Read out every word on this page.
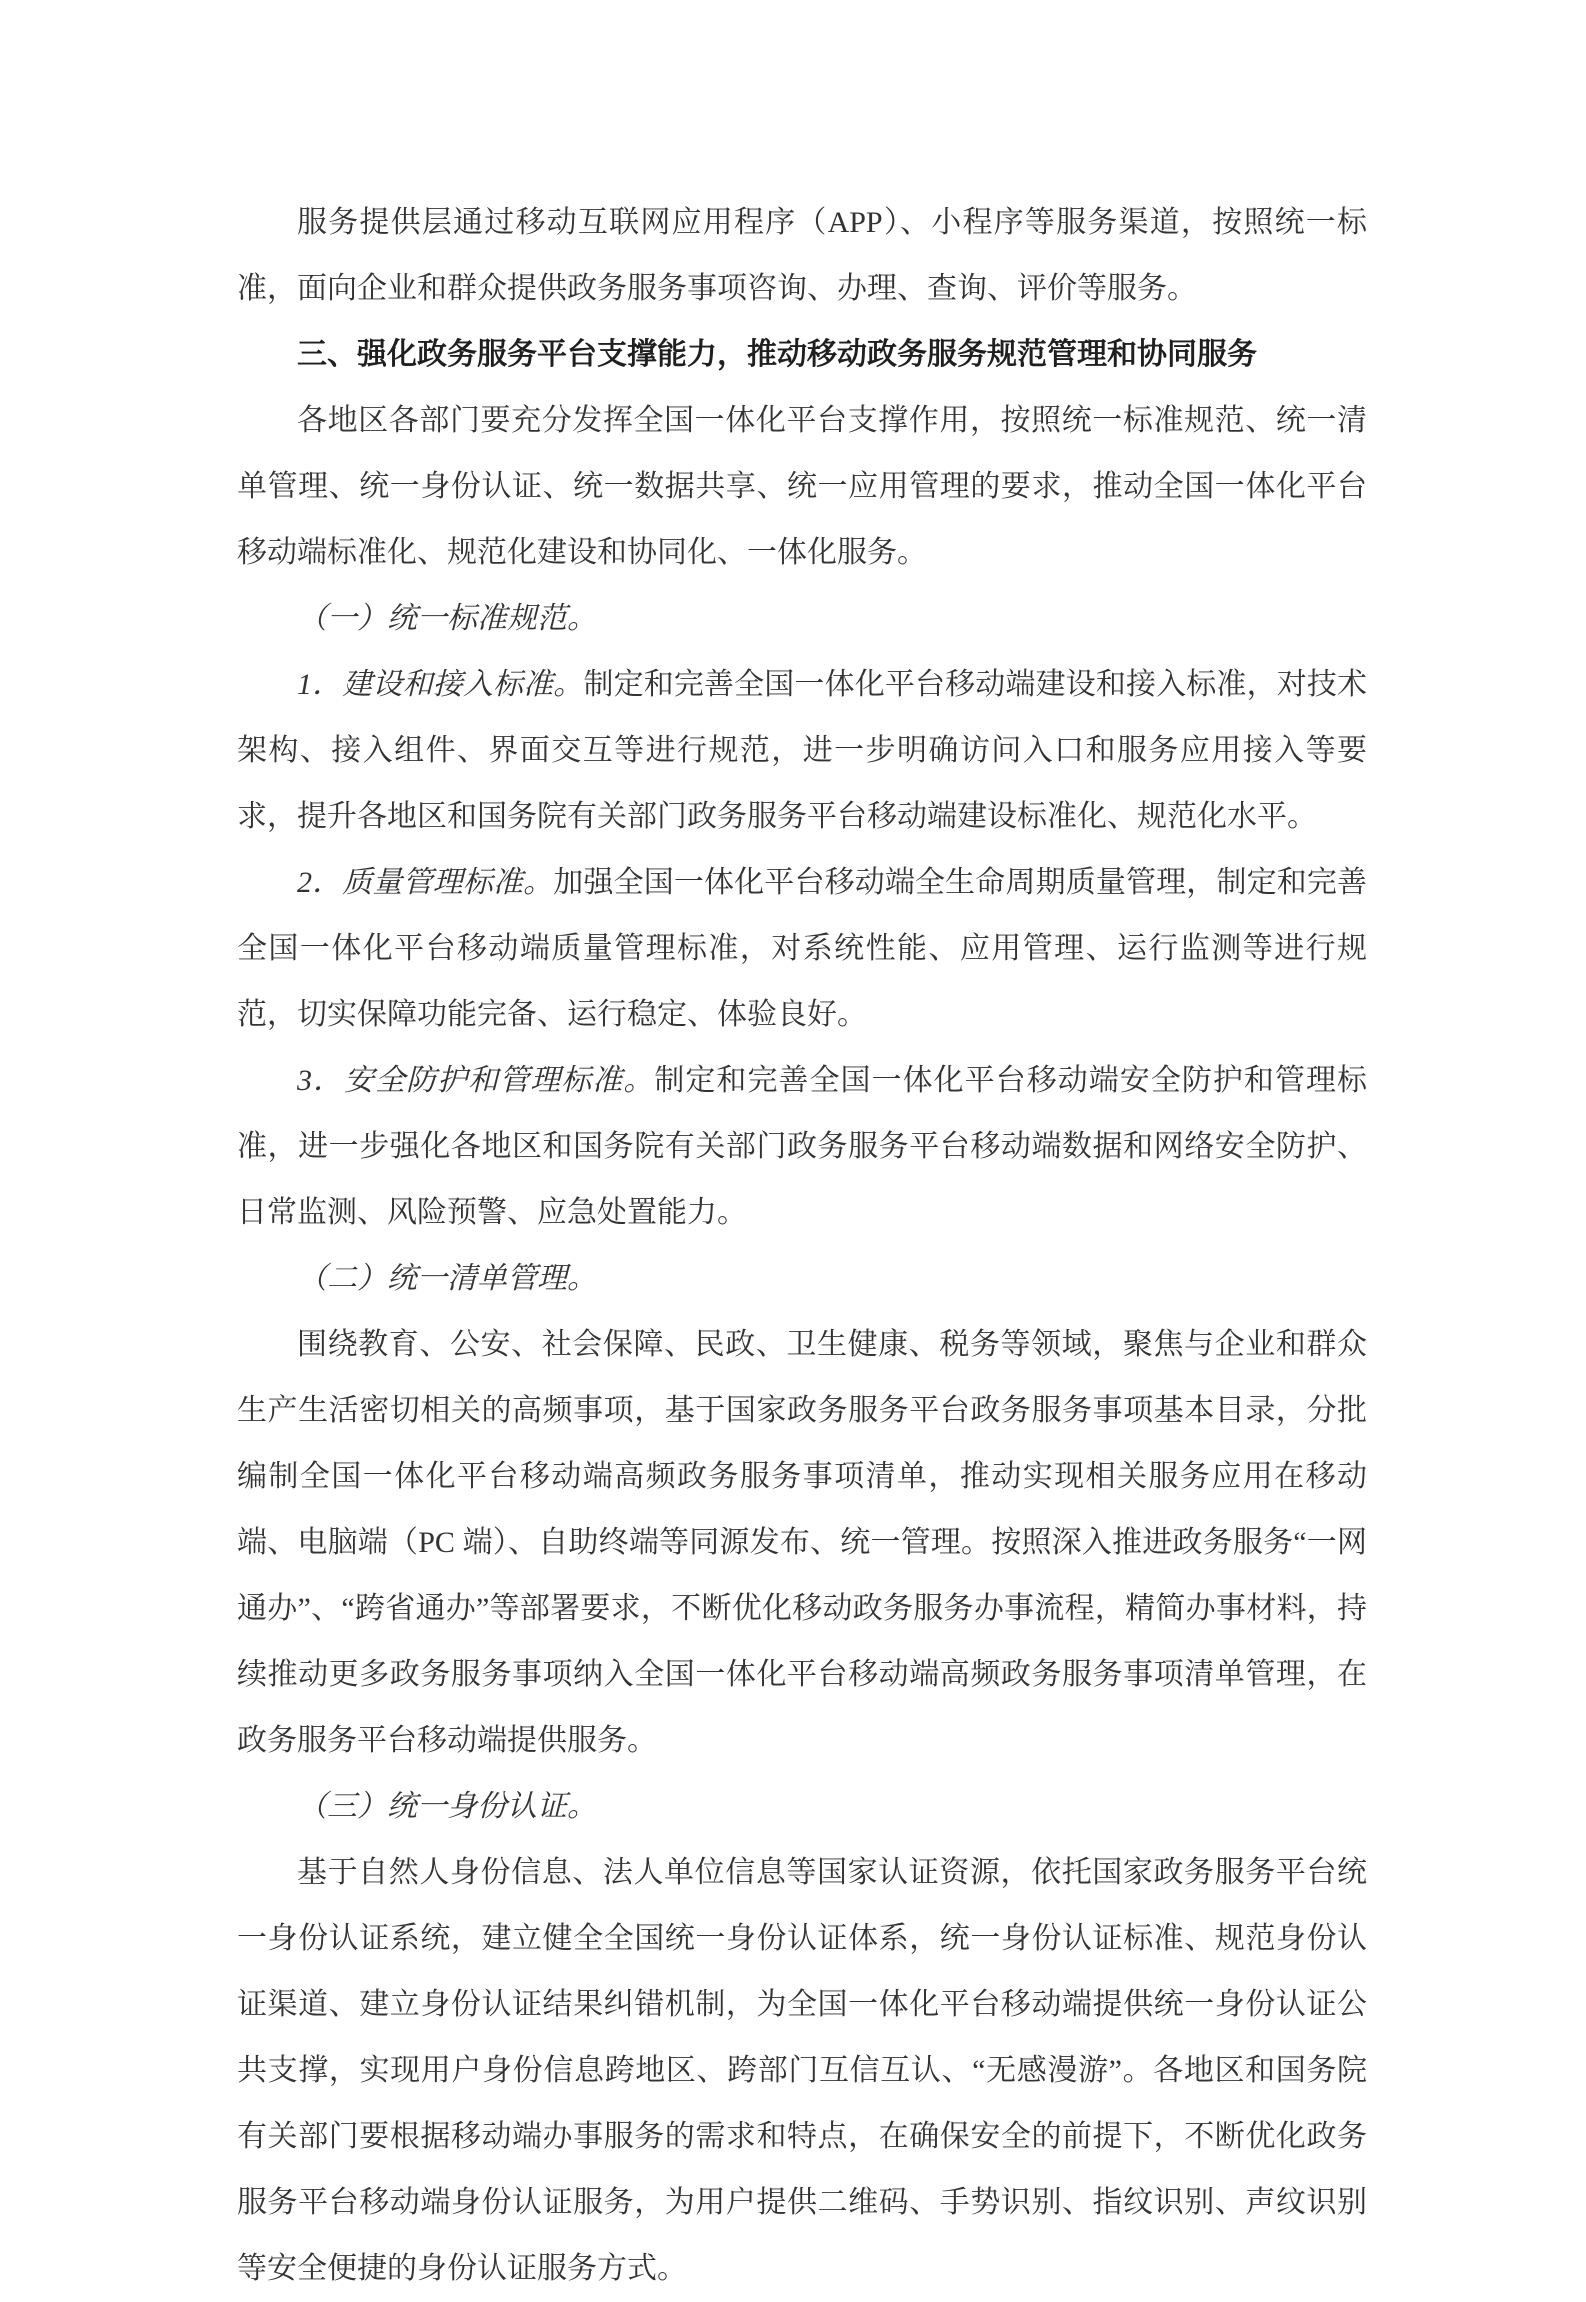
服务提供层通过移动互联网应用程序（APP）、小程序等服务渠道，按照统一标准，面向企业和群众提供政务服务事项咨询、办理、查询、评价等服务。

三、强化政务服务平台支撑能力，推动移动政务服务规范管理和协同服务

各地区各部门要充分发挥全国一体化平台支撑作用，按照统一标准规范、统一清单管理、统一身份认证、统一数据共享、统一应用管理的要求，推动全国一体化平台移动端标准化、规范化建设和协同化、一体化服务。

（一）统一标准规范。

1．建设和接入标准。制定和完善全国一体化平台移动端建设和接入标准，对技术架构、接入组件、界面交互等进行规范，进一步明确访问入口和服务应用接入等要求，提升各地区和国务院有关部门政务服务平台移动端建设标准化、规范化水平。

2．质量管理标准。加强全国一体化平台移动端全生命周期质量管理，制定和完善全国一体化平台移动端质量管理标准，对系统性能、应用管理、运行监测等进行规范，切实保障功能完备、运行稳定、体验良好。

3．安全防护和管理标准。制定和完善全国一体化平台移动端安全防护和管理标准，进一步强化各地区和国务院有关部门政务服务平台移动端数据和网络安全防护、日常监测、风险预警、应急处置能力。

（二）统一清单管理。

围绕教育、公安、社会保障、民政、卫生健康、税务等领域，聚焦与企业和群众生产生活密切相关的高频事项，基于国家政务服务平台政务服务事项基本目录，分批编制全国一体化平台移动端高频政务服务事项清单，推动实现相关服务应用在移动端、电脑端（PC 端）、自助终端等同源发布、统一管理。按照深入推进政务服务“一网通办”、“跨省通办”等部署要求，不断优化移动政务服务办事流程，精简办事材料，持续推动更多政务服务事项纳入全国一体化平台移动端高频政务服务事项清单管理，在政务服务平台移动端提供服务。

（三）统一身份认证。

基于自然人身份信息、法人单位信息等国家认证资源，依托国家政务服务平台统一身份认证系统，建立健全全国统一身份认证体系，统一身份认证标准、规范身份认证渠道、建立身份认证结果纠错机制，为全国一体化平台移动端提供统一身份认证公共支撑，实现用户身份信息跨地区、跨部门互信互认、“无感漫游”。各地区和国务院有关部门要根据移动端办事服务的需求和特点，在确保安全的前提下，不断优化政务服务平台移动端身份认证服务，为用户提供二维码、手势识别、指纹识别、声纹识别等安全便捷的身份认证服务方式。
